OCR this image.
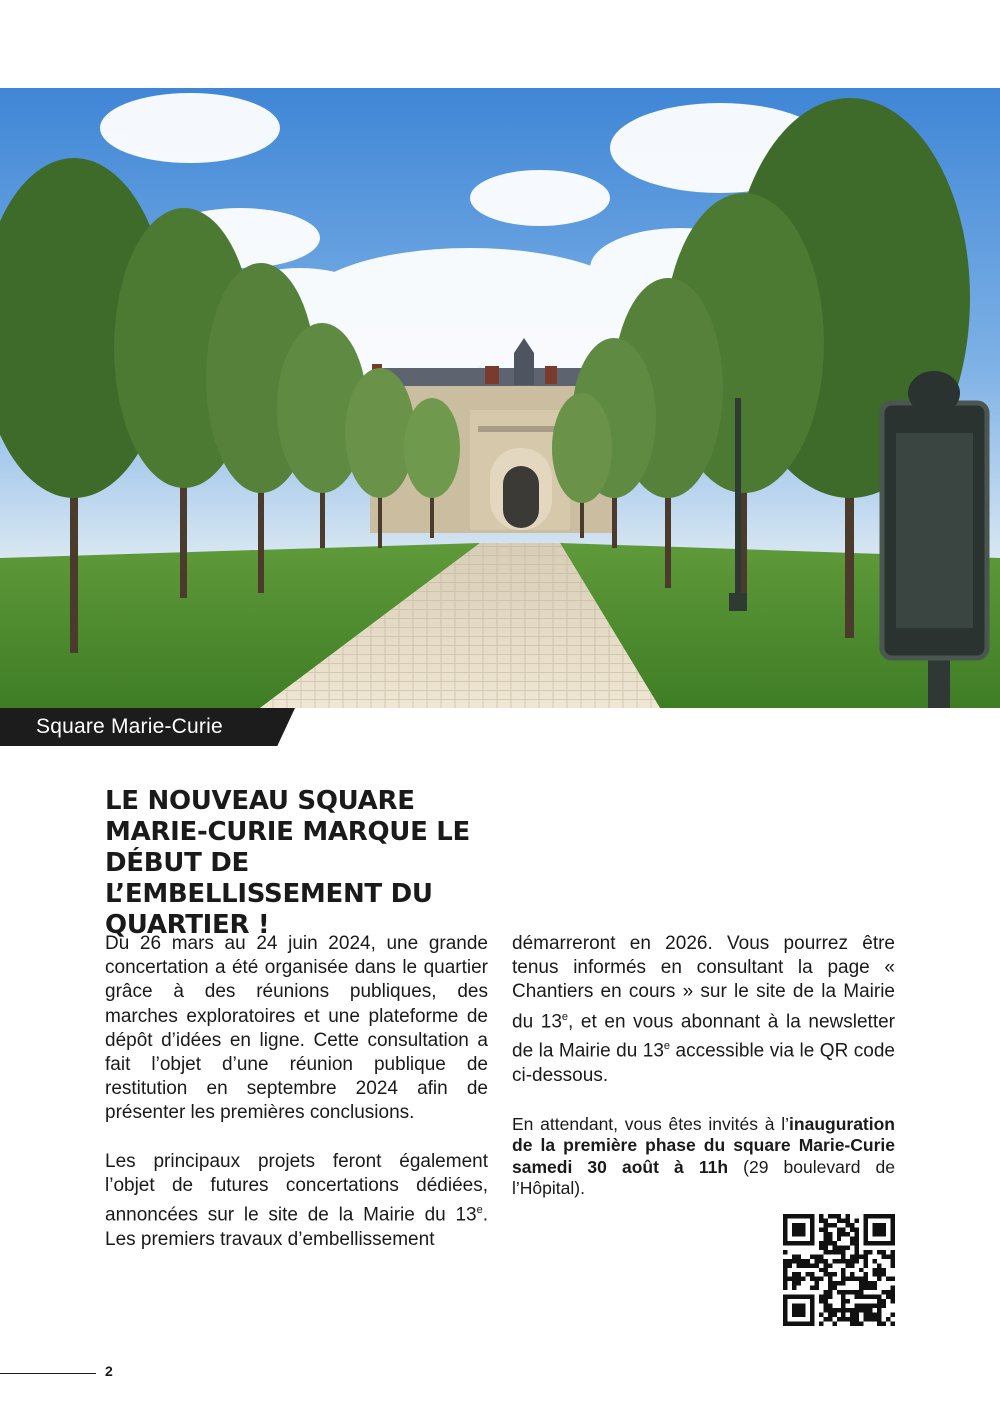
Square Marie-Curie
LE NOUVEAU SQUARE MARIE-CURIE MARQUE LE DÉBUT DE L’EMBELLISSEMENT DU QUARTIER !

Du 26 mars au 24 juin 2024, une grande concertation a été organisée dans le quartier grâce à des réunions publiques, des marches exploratoires et une plateforme de dépôt d’idées en ligne. Cette consultation a fait l’objet d’une réunion publique de restitution en septembre 2024 afin de présenter les premières conclusions.

Les principaux projets feront également l’objet de futures concertations dédiées, annoncées sur le site de la Mairie du 13e. Les premiers travaux d’embellissement

démarreront en 2026. Vous pourrez être tenus informés en consultant la page « Chantiers en cours » sur le site de la Mairie du 13e, et en vous abonnant à la newsletter de la Mairie du 13e accessible via le QR code ci-dessous.

En attendant, vous êtes invités à l’inauguration de la première phase du square Marie-Curie samedi 30 août à 11h (29 boulevard de l’Hôpital).

2
